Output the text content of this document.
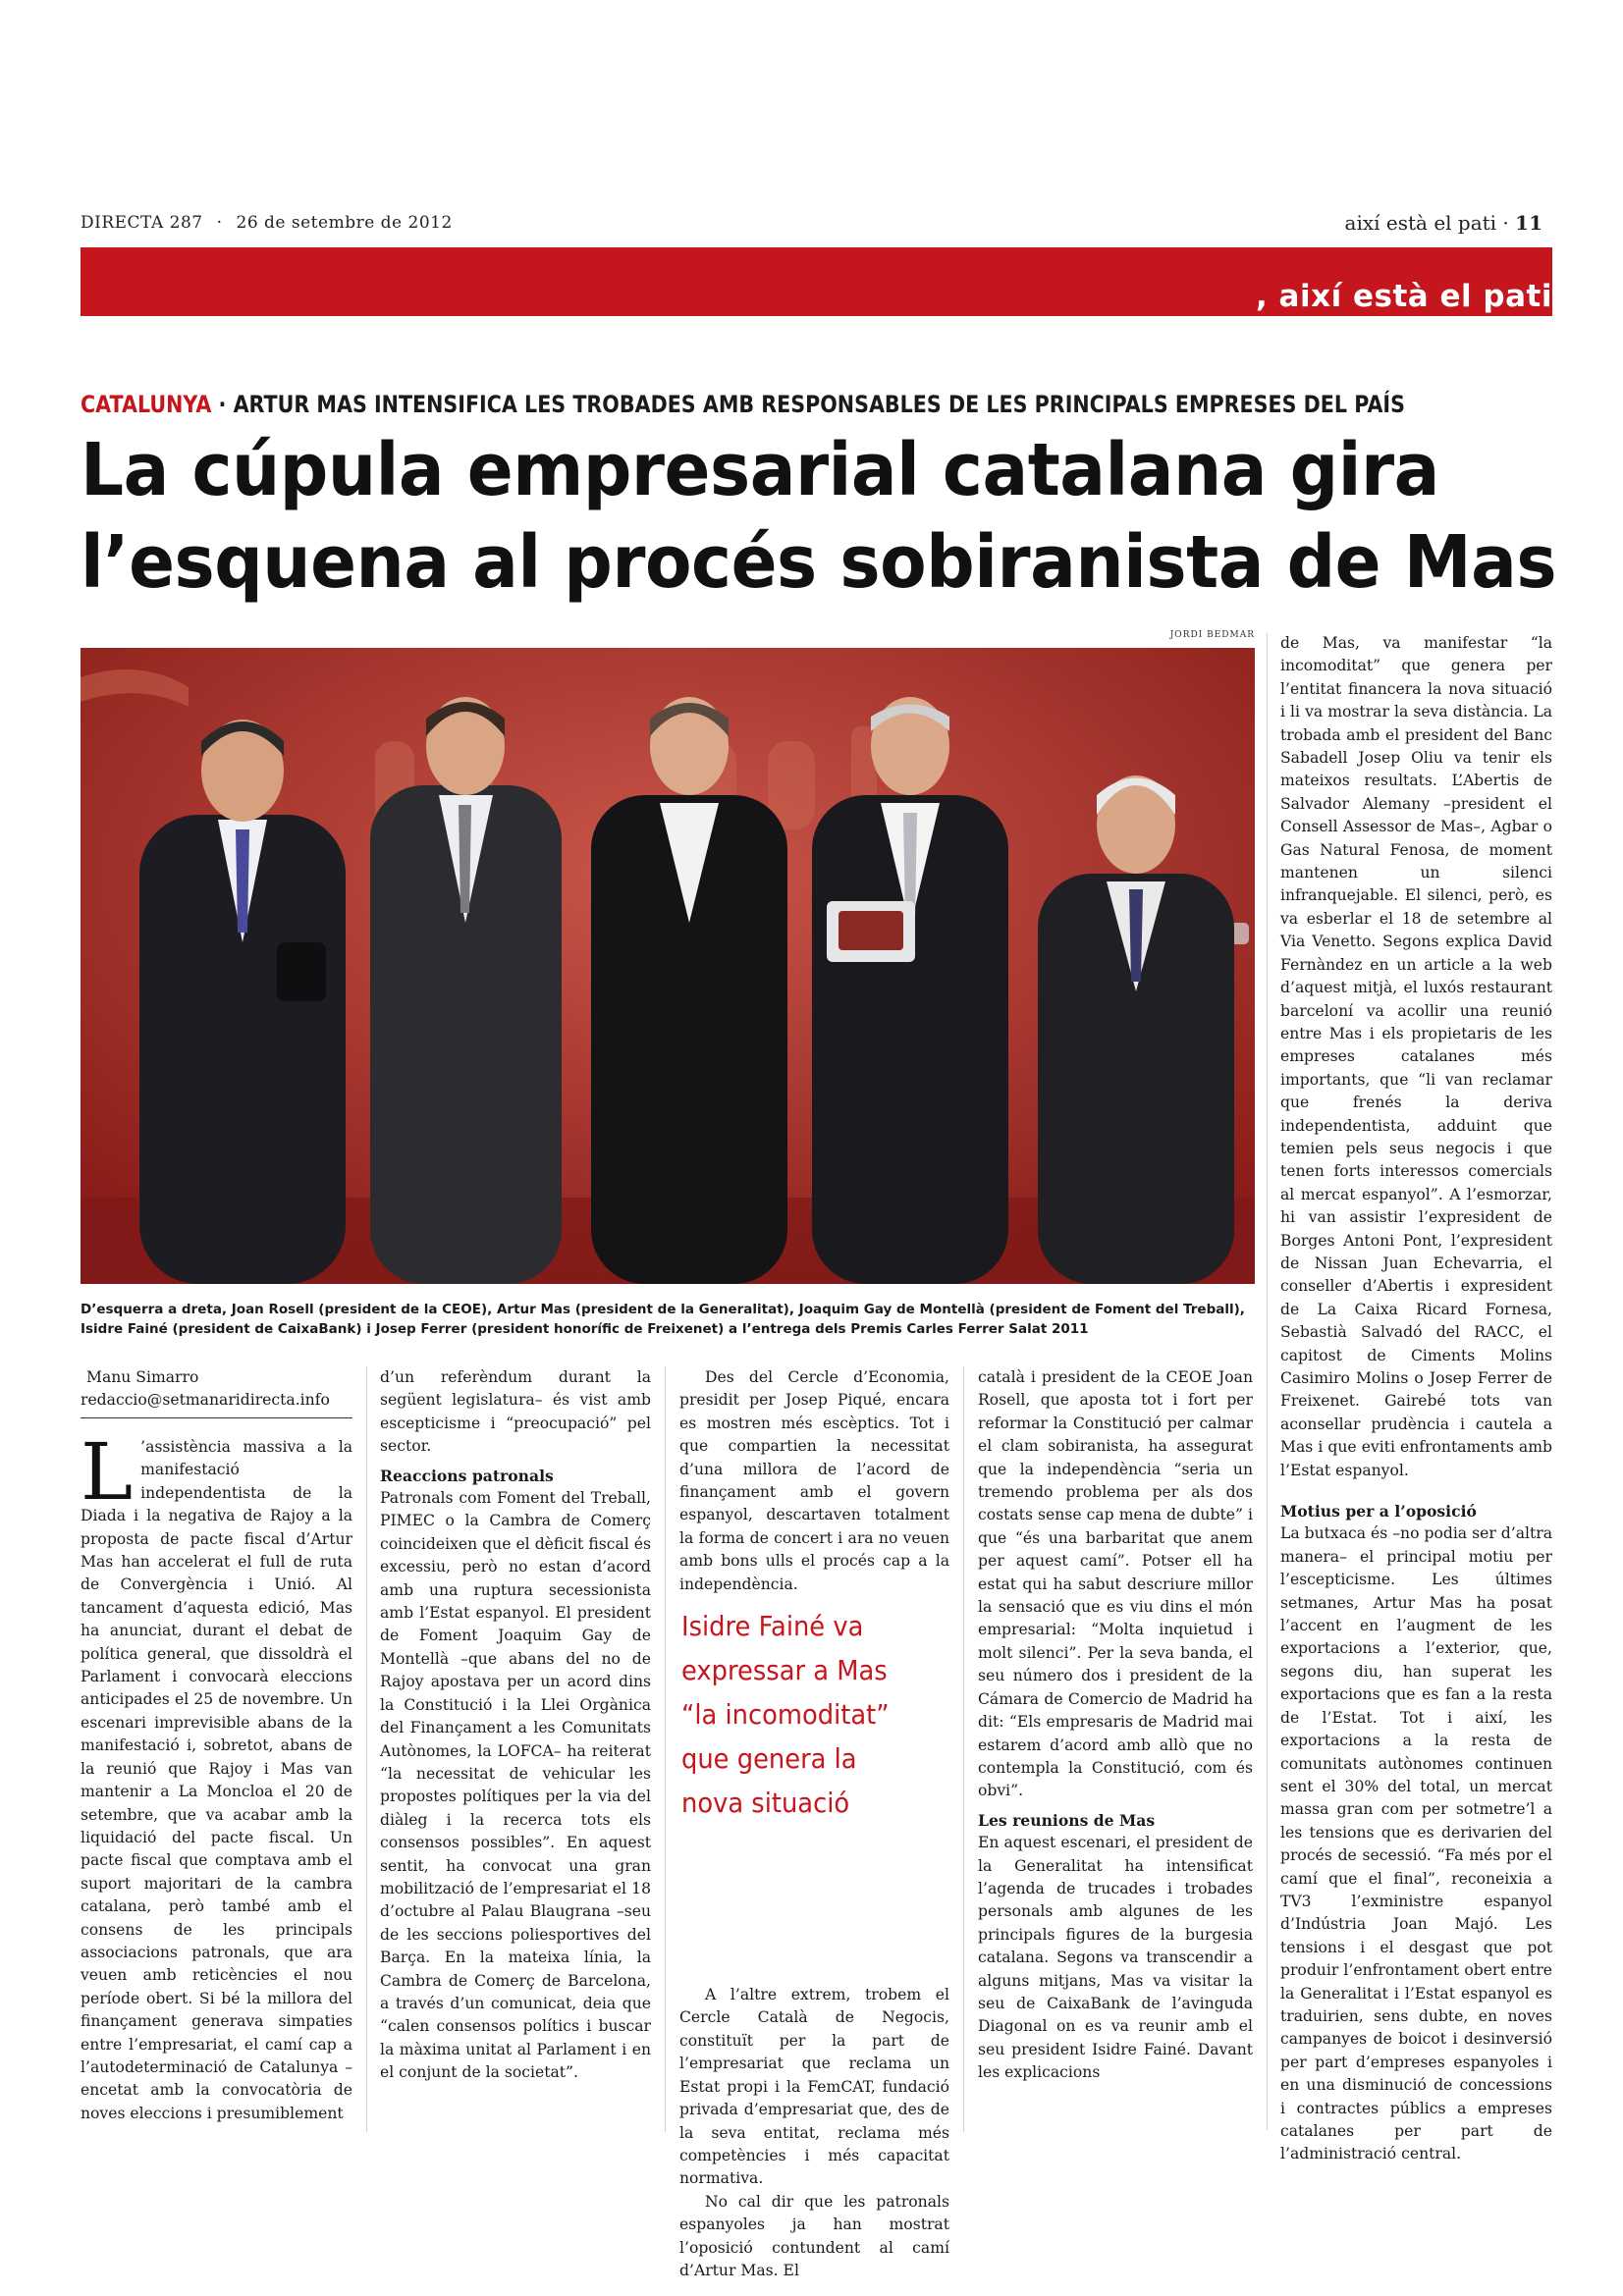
DIRECTA 287 · 26 de setembre de 2012	així està el pati · 11
, així està el pati
CATALUNYA · ARTUR MAS INTENSIFICA LES TROBADES AMB RESPONSABLES DE LES PRINCIPALS EMPRESES DEL PAÍS
La cúpula empresarial catalana gira
l’esquena al procés sobiranista de Mas
JORDI BEDMAR
D’esquerra a dreta, Joan Rosell (president de la CEOE), Artur Mas (president de la Generalitat), Joaquim Gay de Montellà (president de Foment del Treball),
Isidre Fainé (president de CaixaBank) i Josep Ferrer (president honorífic de Freixenet) a l’entrega dels Premis Carles Ferrer Salat 2011
Manu Simarro
redaccio@setmanaridirecta.info

L ’assistència massiva a la manifestació independentista de la Diada i la negativa de Rajoy a la proposta de pacte fiscal d’Artur Mas han accelerat el full de ruta de Convergència i Unió. Al tancament d’aquesta edició, Mas ha anunciat, durant el debat de política general, que dissoldrà el Parlament i convocarà eleccions anticipades el 25 de novembre. Un escenari imprevisible abans de la manifestació i, sobretot, abans de la reunió que Rajoy i Mas van mantenir a La Moncloa el 20 de setembre, que va acabar amb la liquidació del pacte fiscal. Un pacte fiscal que comptava amb el suport majoritari de la cambra catalana, però també amb el consens de les principals associacions patronals, que ara veuen amb reticències el nou període obert. Si bé la millora del finançament generava simpaties entre l’empresariat, el camí cap a l’autodeterminació de Catalunya –encetat amb la convocatòria de noves eleccions i presumiblement

d’un referèndum durant la següent legislatura– és vist amb escepticisme i “preocupació” pel sector.

Reaccions patronals

Patronals com Foment del Treball, PIMEC o la Cambra de Comerç coincideixen que el dèficit fiscal és excessiu, però no estan d’acord amb una ruptura secessionista amb l’Estat espanyol. El president de Foment Joaquim Gay de Montellà –que abans del no de Rajoy apostava per un acord dins la Constitució i la Llei Orgànica del Finançament a les Comunitats Autònomes, la LOFCA– ha reiterat “la necessitat de vehicular les propostes polítiques per la via del diàleg i la recerca tots els consensos possibles”. En aquest sentit, ha convocat una gran mobilització de l’empresariat el 18 d’octubre al Palau Blaugrana –seu de les seccions poliesportives del Barça. En la mateixa línia, la Cambra de Comerç de Barcelona, a través d’un comunicat, deia que “calen consensos polítics i buscar la màxima unitat al Parlament i en el conjunt de la societat”.

Des del Cercle d’Economia, presidit per Josep Piqué, encara es mostren més escèptics. Tot i que compartien la necessitat d’una millora de l’acord de finançament amb el govern espanyol, descartaven totalment la forma de concert i ara no veuen amb bons ulls el procés cap a la independència.

A l’altre extrem, trobem el Cercle Català de Negocis, constituït per la part de l’empresariat que reclama un Estat propi i la FemCAT, fundació privada d’empresariat que, des de la seva entitat, reclama més competències i més capacitat normativa.

No cal dir que les patronals espanyoles ja han mostrat l’oposició contundent al camí d’Artur Mas. El

Isidre Fainé va expressar a Mas “la incomoditat” que genera la nova situació

català i president de la CEOE Joan Rosell, que aposta tot i fort per reformar la Constitució per calmar el clam sobiranista, ha assegurat que la independència “seria un tremendo problema per als dos costats sense cap mena de dubte” i que “és una barbaritat que anem per aquest camí”. Potser ell ha estat qui ha sabut descriure millor la sensació que es viu dins el món empresarial: “Molta inquietud i molt silenci”. Per la seva banda, el seu número dos i president de la Cámara de Comercio de Madrid ha dit: “Els empresaris de Madrid mai estarem d’acord amb allò que no contempla la Constitució, com és obvi”.

Les reunions de Mas

En aquest escenari, el president de la Generalitat ha intensificat l’agenda de trucades i trobades personals amb algunes de les principals figures de la burgesia catalana. Segons va transcendir a alguns mitjans, Mas va visitar la seu de CaixaBank de l’avinguda Diagonal on es va reunir amb el seu president Isidre Fainé. Davant les explicacions

de Mas, va manifestar “la incomoditat” que genera per l’entitat financera la nova situació i li va mostrar la seva distància. La trobada amb el president del Banc Sabadell Josep Oliu va tenir els mateixos resultats. L’Abertis de Salvador Alemany –president el Consell Assessor de Mas–, Agbar o Gas Natural Fenosa, de moment mantenen un silenci infranquejable. El silenci, però, es va esberlar el 18 de setembre al Via Venetto. Segons explica David Fernàndez en un article a la web d’aquest mitjà, el luxós restaurant barceloní va acollir una reunió entre Mas i els propietaris de les empreses catalanes més importants, que “li van reclamar que frenés la deriva independentista, adduint que temien pels seus negocis i que tenen forts interessos comercials al mercat espanyol”. A l’esmorzar, hi van assistir l’expresident de Borges Antoni Pont, l’expresident de Nissan Juan Echevarria, el conseller d’Abertis i expresident de La Caixa Ricard Fornesa, Sebastià Salvadó del RACC, el capitost de Ciments Molins Casimiro Molins o Josep Ferrer de Freixenet. Gairebé tots van aconsellar prudència i cautela a Mas i que eviti enfrontaments amb l’Estat espanyol.

Motius per a l’oposició

La butxaca és –no podia ser d’altra manera– el principal motiu per l’escepticisme. Les últimes setmanes, Artur Mas ha posat l’accent en l’augment de les exportacions a l’exterior, que, segons diu, han superat les exportacions que es fan a la resta de l’Estat. Tot i així, les exportacions a la resta de comunitats autònomes continuen sent el 30% del total, un mercat massa gran com per sotmetre’l a les tensions que es derivarien del procés de secessió. “Fa més por el camí que el final”, reconeixia a TV3 l’exministre espanyol d’Indústria Joan Majó. Les tensions i el desgast que pot produir l’enfrontament obert entre la Generalitat i l’Estat espanyol es traduirien, sens dubte, en noves campanyes de boicot i desinversió per part d’empreses espanyoles i en una disminució de concessions i contractes públics a empreses catalanes per part de l’administració central.
